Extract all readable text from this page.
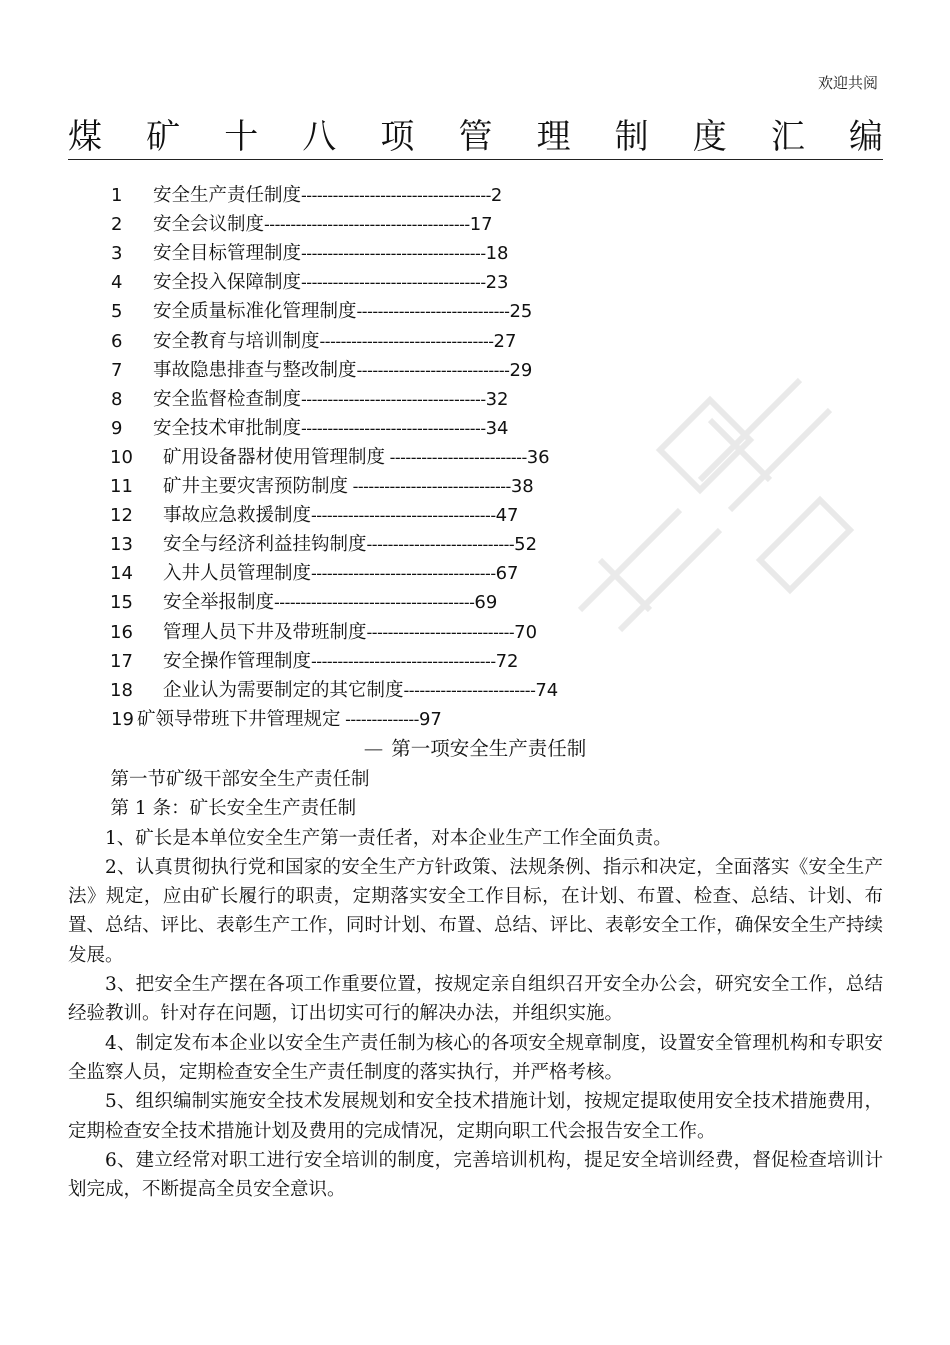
欢迎共阅
煤 矿 十 八 项 管 理 制 度 汇 编
1 安全生产责任制度------------------------------------2
2 安全会议制度---------------------------------------17
3 安全目标管理制度-----------------------------------18
4 安全投入保障制度-----------------------------------23
5 安全质量标准化管理制度-----------------------------25
6 安全教育与培训制度---------------------------------27
7 事故隐患排查与整改制度-----------------------------29
8 安全监督检查制度-----------------------------------32
9 安全技术审批制度-----------------------------------34
10 矿用设备器材使用管理制度 --------------------------36
11 矿井主要灾害预防制度 ------------------------------38
12 事故应急救援制度-----------------------------------47
13 安全与经济利益挂钩制度----------------------------52
14 入井人员管理制度-----------------------------------67
15 安全举报制度--------------------------------------69
16 管理人员下井及带班制度----------------------------70
17 安全操作管理制度-----------------------------------72
18 企业认为需要制定的其它制度-------------------------74
19 矿领导带班下井管理规定 --------------97
— 第一项安全生产责任制

第一节矿级干部安全生产责任制

第 1 条：矿长安全生产责任制

1、矿长是本单位安全生产第一责任者，对本企业生产工作全面负责。

2、认真贯彻执行党和国家的安全生产方针政策、法规条例、指示和决定，全面落实《安全生产法》规定，应由矿长履行的职责，定期落实安全工作目标，在计划、布置、检查、总结、计划、布置、总结、评比、表彰生产工作，同时计划、布置、总结、评比、表彰安全工作，确保安全生产持续发展。

3、把安全生产摆在各项工作重要位置，按规定亲自组织召开安全办公会，研究安全工作，总结经验教训。针对存在问题，订出切实可行的解决办法，并组织实施。

4、制定发布本企业以安全生产责任制为核心的各项安全规章制度，设置安全管理机构和专职安全监察人员，定期检查安全生产责任制度的落实执行，并严格考核。

5、组织编制实施安全技术发展规划和安全技术措施计划，按规定提取使用安全技术措施费用，定期检查安全技术措施计划及费用的完成情况，定期向职工代会报告安全工作。

6、建立经常对职工进行安全培训的制度，完善培训机构，提足安全培训经费，督促检查培训计划完成，不断提高全员安全意识。
